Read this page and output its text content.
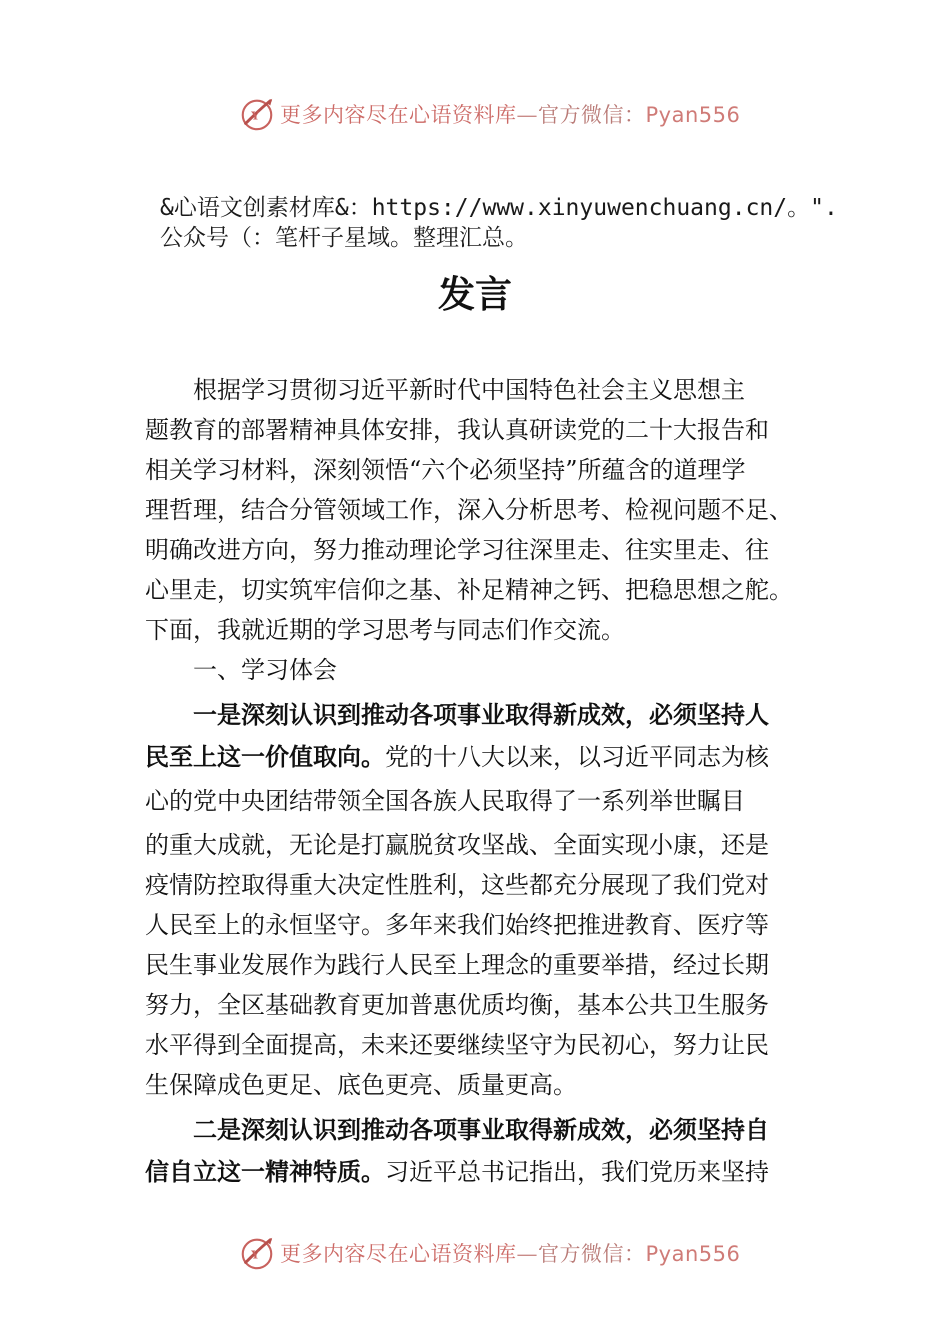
Y 更多内容尽在心语资料库—官方微信：Pyan556
&心语文创素材库&：https://www.xinyuwenchuang.cn/。".
公众号（：笔杆子星域。整理汇总。
发言
　　根据学习贯彻习近平新时代中国特色社会主义思想主
题教育的部署精神具体安排，我认真研读党的二十大报告和
相关学习材料，深刻领悟“六个必须坚持”所蕴含的道理学
理哲理，结合分管领域工作，深入分析思考、检视问题不足、
明确改进方向，努力推动理论学习往深里走、往实里走、往
心里走，切实筑牢信仰之基、补足精神之钙、把稳思想之舵。
下面，我就近期的学习思考与同志们作交流。
　　一、学习体会
　　一是深刻认识到推动各项事业取得新成效，必须坚持人
民至上这一价值取向。党的十八大以来，以习近平同志为核
心的党中央团结带领全国各族人民取得了一系列举世瞩目
的重大成就，无论是打赢脱贫攻坚战、全面实现小康，还是
疫情防控取得重大决定性胜利，这些都充分展现了我们党对
人民至上的永恒坚守。多年来我们始终把推进教育、医疗等
民生事业发展作为践行人民至上理念的重要举措，经过长期
努力，全区基础教育更加普惠优质均衡，基本公共卫生服务
水平得到全面提高，未来还要继续坚守为民初心，努力让民
生保障成色更足、底色更亮、质量更高。
　　二是深刻认识到推动各项事业取得新成效，必须坚持自
信自立这一精神特质。习近平总书记指出，我们党历来坚持
Y 更多内容尽在心语资料库—官方微信：Pyan556
